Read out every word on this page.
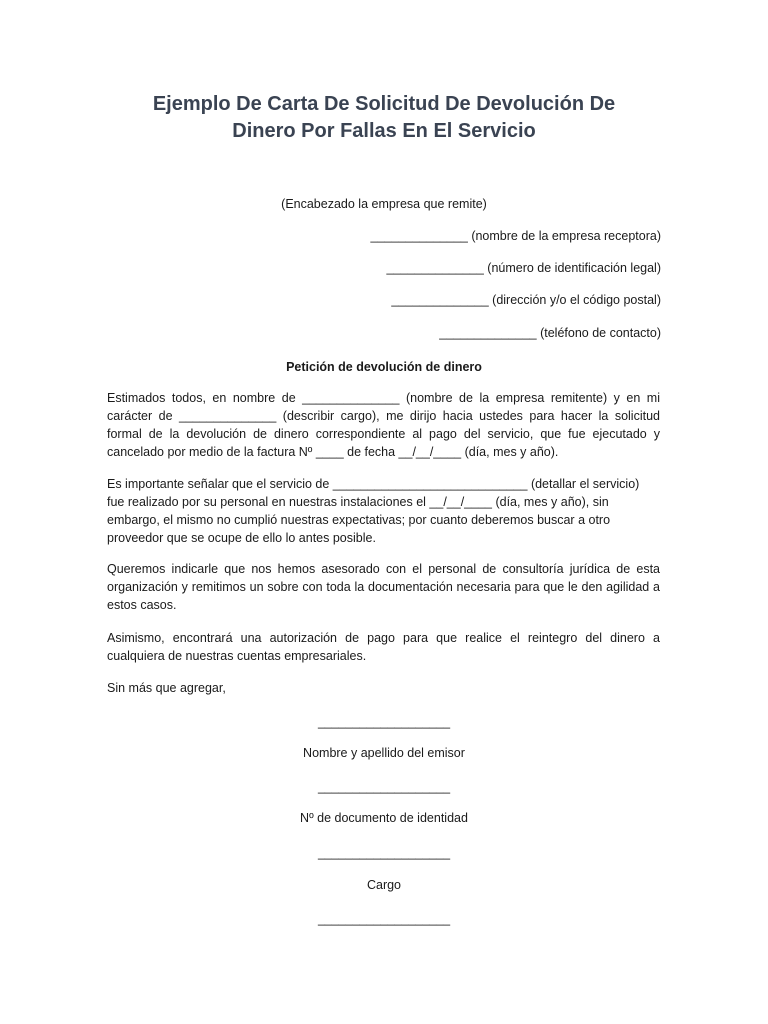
Ejemplo De Carta De Solicitud De Devolución De
Dinero Por Fallas En El Servicio
(Encabezado la empresa que remite)
______________ (nombre de la empresa receptora)
______________ (número de identificación legal)
______________ (dirección y/o el código postal)
______________ (teléfono de contacto)
Petición de devolución de dinero

Estimados todos, en nombre de ______________ (nombre de la empresa remitente) y en mi carácter de ______________ (describir cargo), me dirijo hacia ustedes para hacer la solicitud formal de la devolución de dinero correspondiente al pago del servicio, que fue ejecutado y cancelado por medio de la factura Nº ____ de fecha __/__/____ (día, mes y año).

Es importante señalar que el servicio de ____________________________ (detallar el servicio) fue realizado por su personal en nuestras instalaciones el __/__/____ (día, mes y año), sin embargo, el mismo no cumplió nuestras expectativas; por cuanto deberemos buscar a otro proveedor que se ocupe de ello lo antes posible.

Queremos indicarle que nos hemos asesorado con el personal de consultoría jurídica de esta organización y remitimos un sobre con toda la documentación necesaria para que le den agilidad a estos casos.

Asimismo, encontrará una autorización de pago para que realice el reintegro del dinero a cualquiera de nuestras cuentas empresariales.

Sin más que agregar,
___________________
Nombre y apellido del emisor
___________________
Nº de documento de identidad
___________________
Cargo
___________________
